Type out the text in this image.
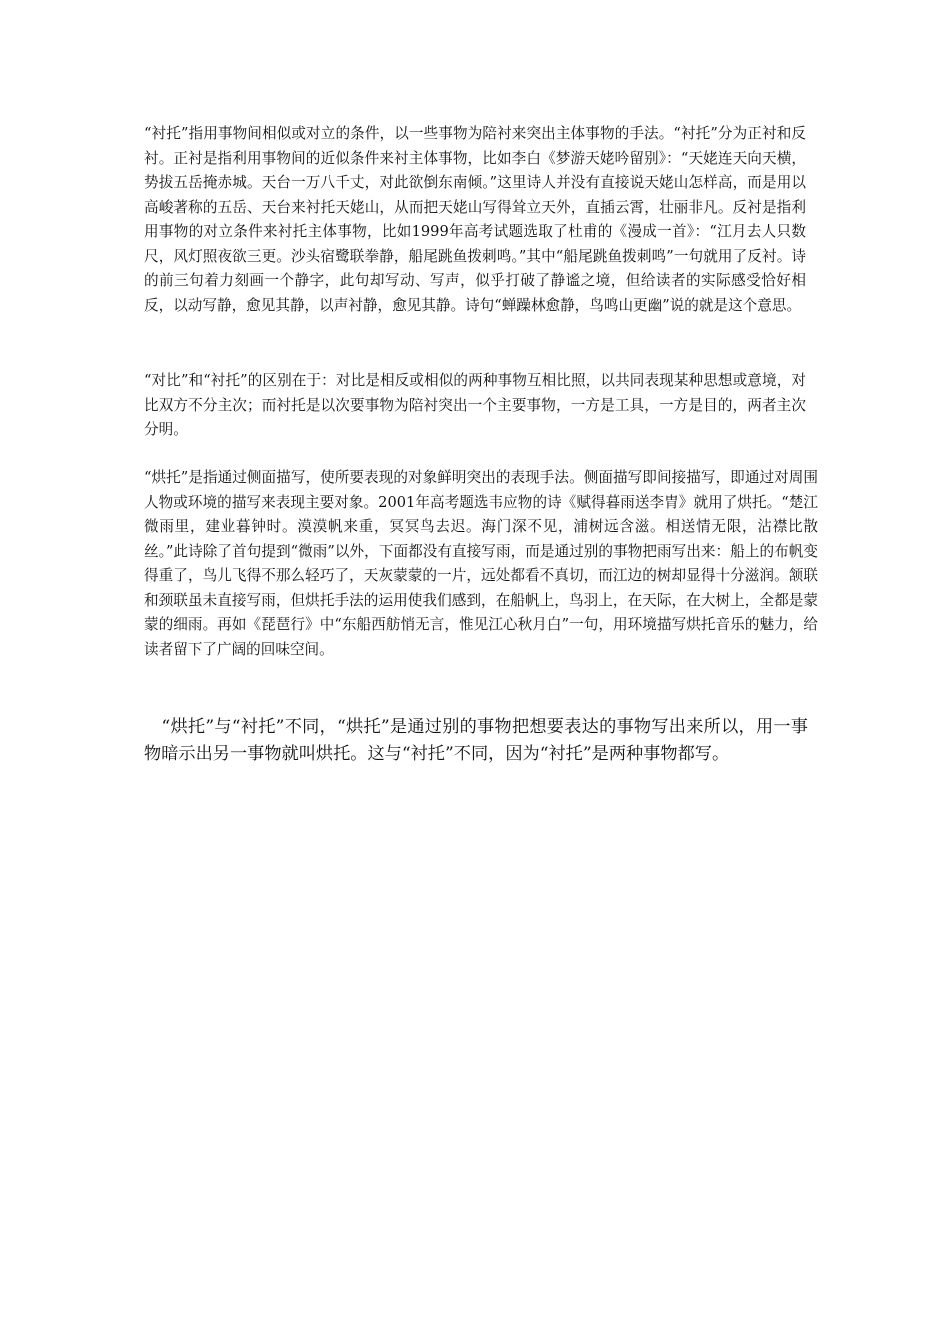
“衬托”指用事物间相似或对立的条件，以一些事物为陪衬来突出主体事物的手法。“衬托”分为正衬和反衬。正衬是指利用事物间的近似条件来衬主体事物，比如李白《梦游天姥吟留别》：“天姥连天向天横，势拔五岳掩赤城。天台一万八千丈，对此欲倒东南倾。”这里诗人并没有直接说天姥山怎样高，而是用以高峻著称的五岳、天台来衬托天姥山，从而把天姥山写得耸立天外，直插云霄，壮丽非凡。反衬是指利用事物的对立条件来衬托主体事物，比如1999年高考试题选取了杜甫的《漫成一首》：“江月去人只数尺，风灯照夜欲三更。沙头宿鹭联拳静，船尾跳鱼拨刺鸣。”其中“船尾跳鱼拨刺鸣”一句就用了反衬。诗的前三句着力刻画一个静字，此句却写动、写声，似乎打破了静谧之境，但给读者的实际感受恰好相反，以动写静，愈见其静，以声衬静，愈见其静。诗句“蝉躁林愈静，鸟鸣山更幽”说的就是这个意思。

“对比”和“衬托”的区别在于：对比是相反或相似的两种事物互相比照，以共同表现某种思想或意境，对比双方不分主次；而衬托是以次要事物为陪衬突出一个主要事物，一方是工具，一方是目的，两者主次分明。

“烘托”是指通过侧面描写，使所要表现的对象鲜明突出的表现手法。侧面描写即间接描写，即通过对周围人物或环境的描写来表现主要对象。2001年高考题选韦应物的诗《赋得暮雨送李胄》就用了烘托。“楚江微雨里，建业暮钟时。漠漠帆来重，冥冥鸟去迟。海门深不见，浦树远含滋。相送情无限，沾襟比散丝。”此诗除了首句提到“微雨”以外，下面都没有直接写雨，而是通过别的事物把雨写出来：船上的布帆变得重了，鸟儿飞得不那么轻巧了，天灰蒙蒙的一片，远处都看不真切，而江边的树却显得十分滋润。颔联和颈联虽未直接写雨，但烘托手法的运用使我们感到，在船帆上，鸟羽上，在天际，在大树上，全都是蒙蒙的细雨。再如《琵琶行》中“东船西舫悄无言，惟见江心秋月白”一句，用环境描写烘托音乐的魅力，给读者留下了广阔的回味空间。

　“烘托”与“衬托”不同，“烘托”是通过别的事物把想要表达的事物写出来所以，用一事物暗示出另一事物就叫烘托。这与“衬托”不同，因为“衬托”是两种事物都写。
